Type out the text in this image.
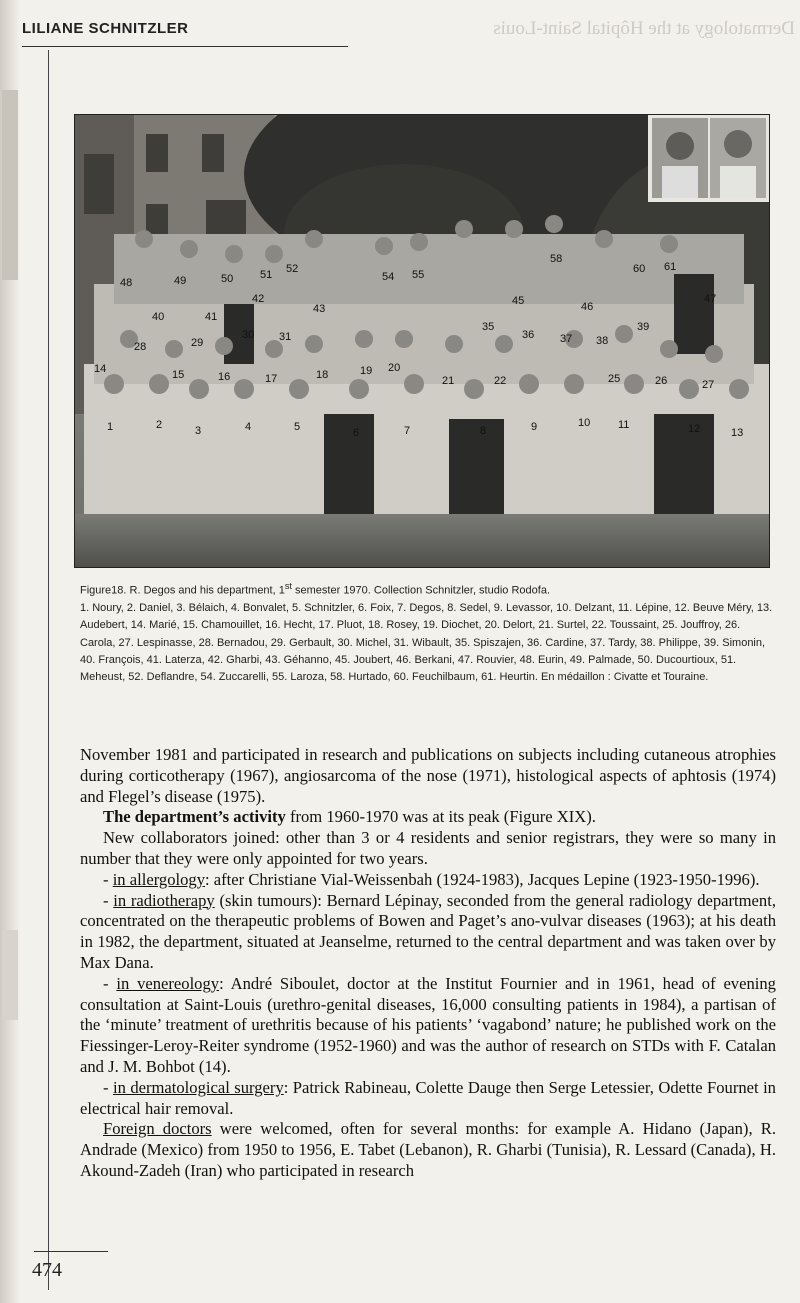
Dermatology at the Hôpital Saint-Louis
LILIANE SCHNITZLER
1	2	3	4	5	6	7	8	9	10	11	12	13
14	15	16	17	18	19 20
21	22	25	26	27
28	29
30 31
35
36 37 38
39
40	41
42
43
45	46
47
48	49	50 51 52
54 55
58
60 61
Figure18. R. Degos and his department, 1st semester 1970. Collection Schnitzler, studio Rodofa.
1. Noury, 2. Daniel, 3. Bélaich, 4. Bonvalet, 5. Schnitzler, 6. Foix, 7. Degos, 8. Sedel, 9. Levassor, 10. Delzant, 11. Lépine, 12. Beuve Méry, 13. Audebert, 14. Marié, 15. Chamouillet, 16. Hecht, 17. Pluot, 18. Rosey, 19. Diochet, 20. Delort, 21. Surtel, 22. Toussaint, 25. Jouffroy, 26. Carola, 27. Lespinasse, 28. Bernadou, 29. Gerbault, 30. Michel, 31. Wibault, 35. Spiszajen, 36. Cardine, 37. Tardy, 38. Philippe, 39. Simonin, 40. François, 41. Laterza, 42. Gharbi, 43. Géhanno, 45. Joubert, 46. Berkani, 47. Rouvier, 48. Eurin, 49. Palmade, 50. Ducourtioux, 51. Meheust, 52. Deflandre, 54. Zuccarelli, 55. Laroza, 58. Hurtado, 60. Feuchilbaum, 61. Heurtin. En médaillon : Civatte et Touraine.

November 1981 and participated in research and publications on subjects including cutaneous atrophies during corticotherapy (1967), angiosarcoma of the nose (1971), histological aspects of aphtosis (1974) and Flegel’s disease (1975).

The department’s activity from 1960-1970 was at its peak (Figure XIX).

New collaborators joined: other than 3 or 4 residents and senior registrars, they were so many in number that they were only appointed for two years.

- in allergology: after Christiane Vial-Weissenbah (1924-1983), Jacques Lepine (1923-1950-1996).

- in radiotherapy (skin tumours): Bernard Lépinay, seconded from the general radiology department, concentrated on the therapeutic problems of Bowen and Paget’s ano-vulvar diseases (1963); at his death in 1982, the department, situated at Jeanselme, returned to the central department and was taken over by Max Dana.

- in venereology: André Siboulet, doctor at the Institut Fournier and in 1961, head of evening consultation at Saint-Louis (urethro-genital diseases, 16,000 consulting patients in 1984), a partisan of the ‘minute’ treatment of urethritis because of his patients’ ‘vagabond’ nature; he published work on the Fiessinger-Leroy-Reiter syndrome (1952-1960) and was the author of research on STDs with F. Catalan and J. M. Bohbot (14).

- in dermatological surgery: Patrick Rabineau, Colette Dauge then Serge Letessier, Odette Fournet in electrical hair removal.

Foreign doctors were welcomed, often for several months: for example A. Hidano (Japan), R. Andrade (Mexico) from 1950 to 1956, E. Tabet (Lebanon), R. Gharbi (Tunisia), R. Lessard (Canada), H. Akound-Zadeh (Iran) who participated in research

474
